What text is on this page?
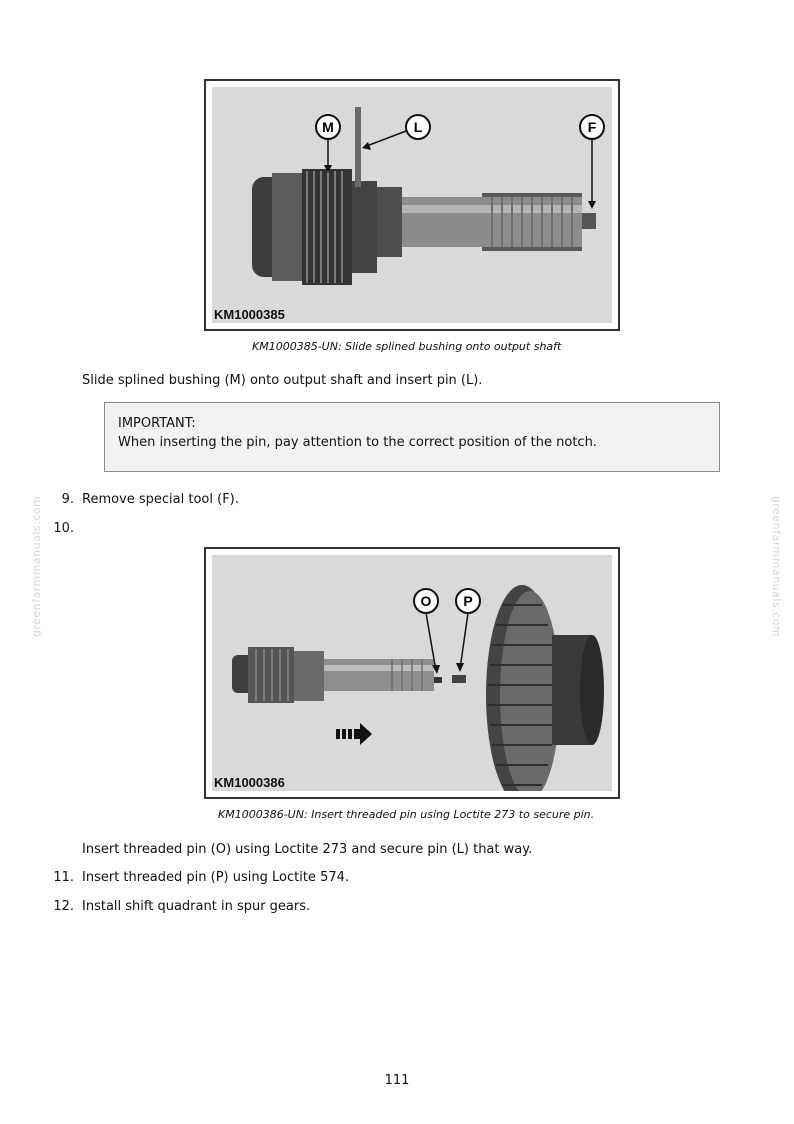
greenfarmmanuals.com	greenfarmmanuals.com
M	L	F
KM1000385
KM1000385-UN: Slide splined bushing onto output shaft
Slide splined bushing (M) onto output shaft and insert pin (L).
IMPORTANT:
When inserting the pin, pay attention to the correct position of the notch.
9. Remove special tool (F).
10.
O P
KM1000386
KM1000386-UN: Insert threaded pin using Loctite 273 to secure pin.
Insert threaded pin (O) using Loctite 273 and secure pin (L) that way.
11. Insert threaded pin (P) using Loctite 574.
12. Install shift quadrant in spur gears.
111
